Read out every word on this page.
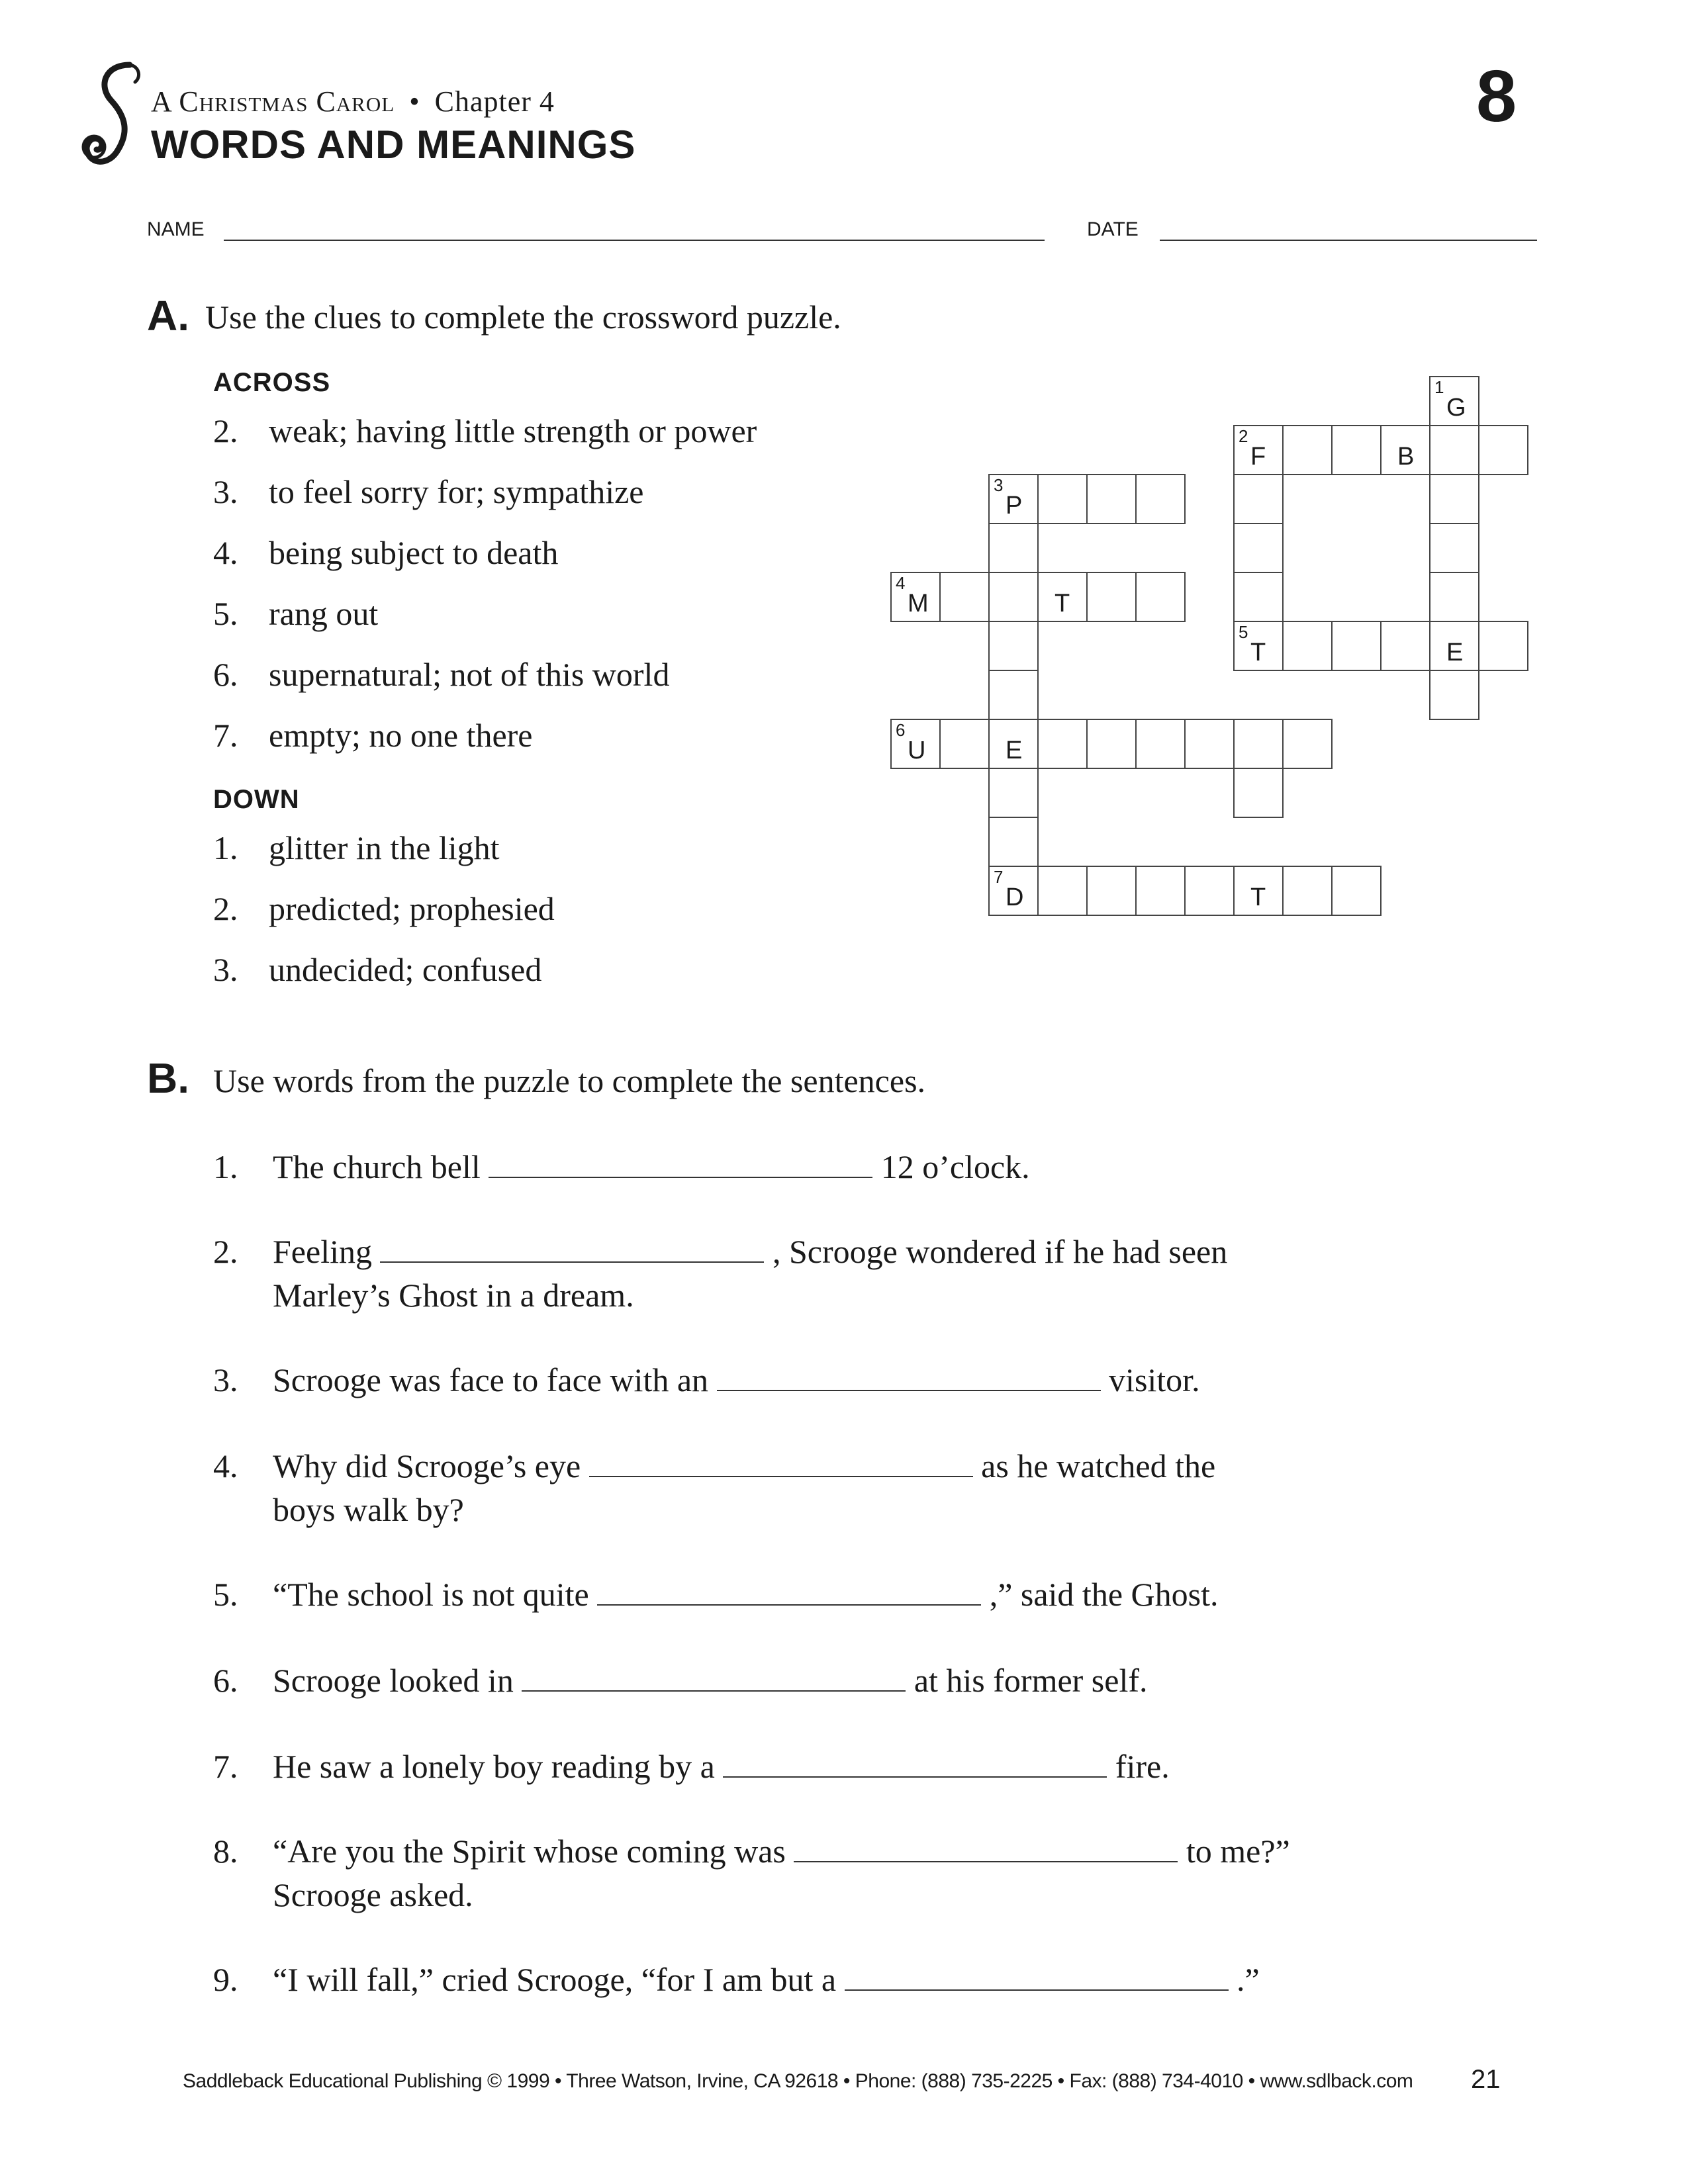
A Christmas Carol • Chapter 4
WORDS AND MEANINGS
8
NAME	DATE
A. Use the clues to complete the crossword puzzle.
ACROSS
2. weak; having little strength or power
3. to feel sorry for; sympathize
4. being subject to death
5. rang out
6. supernatural; not of this world
7. empty; no one there
DOWN
1. glitter in the light
2. predicted; prophesied
3. undecided; confused
1
G
2
F	B
3
P
4
M	T
5
T	E
6
U	E
7
D	T
B. Use words from the puzzle to complete the sentences.
1. The church bell	12 o’clock.
2. Feeling	, Scrooge wondered if he had seen
Marley’s Ghost in a dream.
3. Scrooge was face to face with an	visitor.
4. Why did Scrooge’s eye	as he watched the
boys walk by?
5. “The school is not quite	,” said the Ghost.
6. Scrooge looked in	at his former self.
7. He saw a lonely boy reading by a	fire.
8. “Are you the Spirit whose coming was	to me?”
Scrooge asked.
9. “I will fall,” cried Scrooge, “for I am but a	.”
Saddleback Educational Publishing © 1999 • Three Watson, Irvine, CA 92618 • Phone: (888) 735-2225 • Fax: (888) 734-4010 • www.sdlback.com 21
